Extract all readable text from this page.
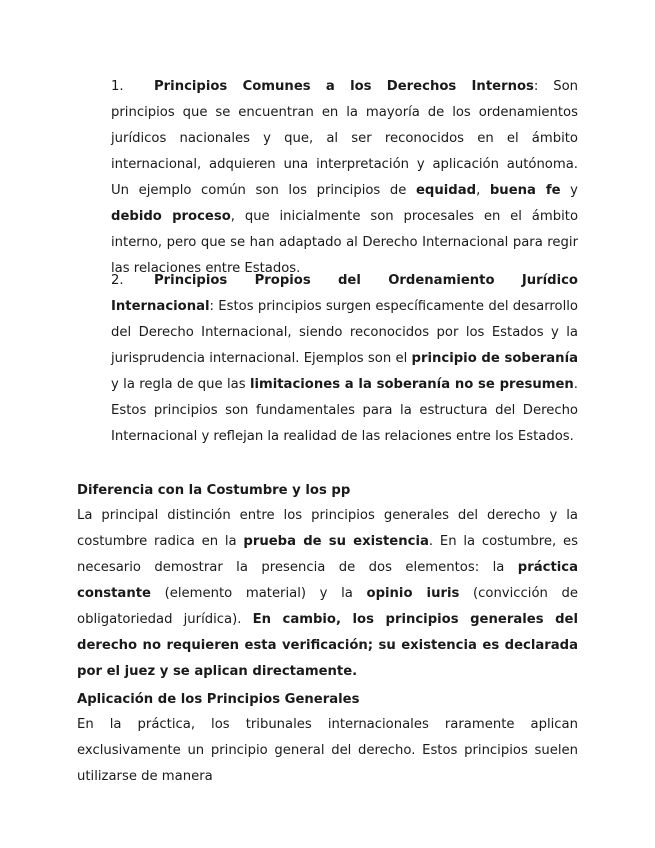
1. Principios Comunes a los Derechos Internos: Son principios que se encuentran en la mayoría de los ordenamientos jurídicos nacionales y que, al ser reconocidos en el ámbito internacional, adquieren una interpretación y aplicación autónoma. Un ejemplo común son los principios de equidad, buena fe y debido proceso, que inicialmente son procesales en el ámbito interno, pero que se han adaptado al Derecho Internacional para regir las relaciones entre Estados.
2. Principios Propios del Ordenamiento Jurídico Internacional: Estos principios surgen específicamente del desarrollo del Derecho Internacional, siendo reconocidos por los Estados y la jurisprudencia internacional. Ejemplos son el principio de soberanía y la regla de que las limitaciones a la soberanía no se presumen. Estos principios son fundamentales para la estructura del Derecho Internacional y reflejan la realidad de las relaciones entre los Estados.
Diferencia con la Costumbre y los pp
La principal distinción entre los principios generales del derecho y la costumbre radica en la prueba de su existencia. En la costumbre, es necesario demostrar la presencia de dos elementos: la práctica constante (elemento material) y la opinio iuris (convicción de obligatoriedad jurídica). En cambio, los principios generales del derecho no requieren esta verificación; su existencia es declarada por el juez y se aplican directamente.
Aplicación de los Principios Generales
En la práctica, los tribunales internacionales raramente aplican exclusivamente un principio general del derecho. Estos principios suelen utilizarse de manera
